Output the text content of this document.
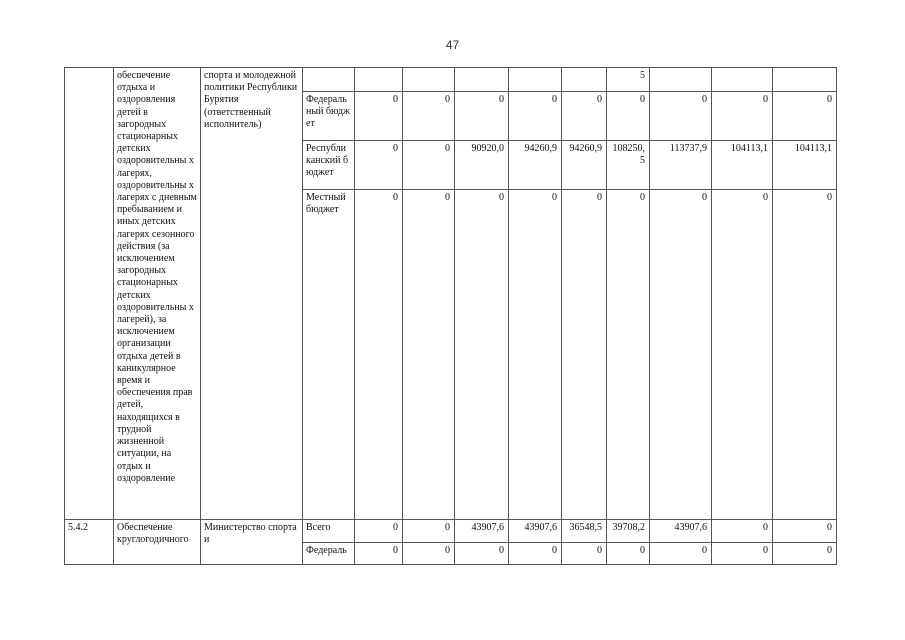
47
	обеспечение отдыха и оздоровления детей в загородных стационарных детских оздоровительны х лагерях, оздоровительны х лагерях с дневным пребыванием и иных детских лагерях сезонного действия (за исключением загородных стационарных детских оздоровительны х лагерей), за исключением организации отдыха детей в каникулярное время и обеспечения прав детей, находящихся в трудной жизненной ситуации, на отдых и оздоровление	спорта и молодежной политики Республики Бурятия (ответственный исполнитель)							5			
			Федераль ный бюджет	0	0	0	0	0	0	0	0	0
			Республи канский бюджет	0	0	90920,0	94260,9	94260,9	108250, 5	113737,9	104113,1	104113,1
			Местный бюджет	0	0	0	0	0	0	0	0	0
5.4.2	Обеспечение круглогодичного	Министерство спорта и	Всего	0	0	43907,6	43907,6	36548,5	39708,2	43907,6	0	0
			Федераль	0	0	0	0	0	0	0	0	0
